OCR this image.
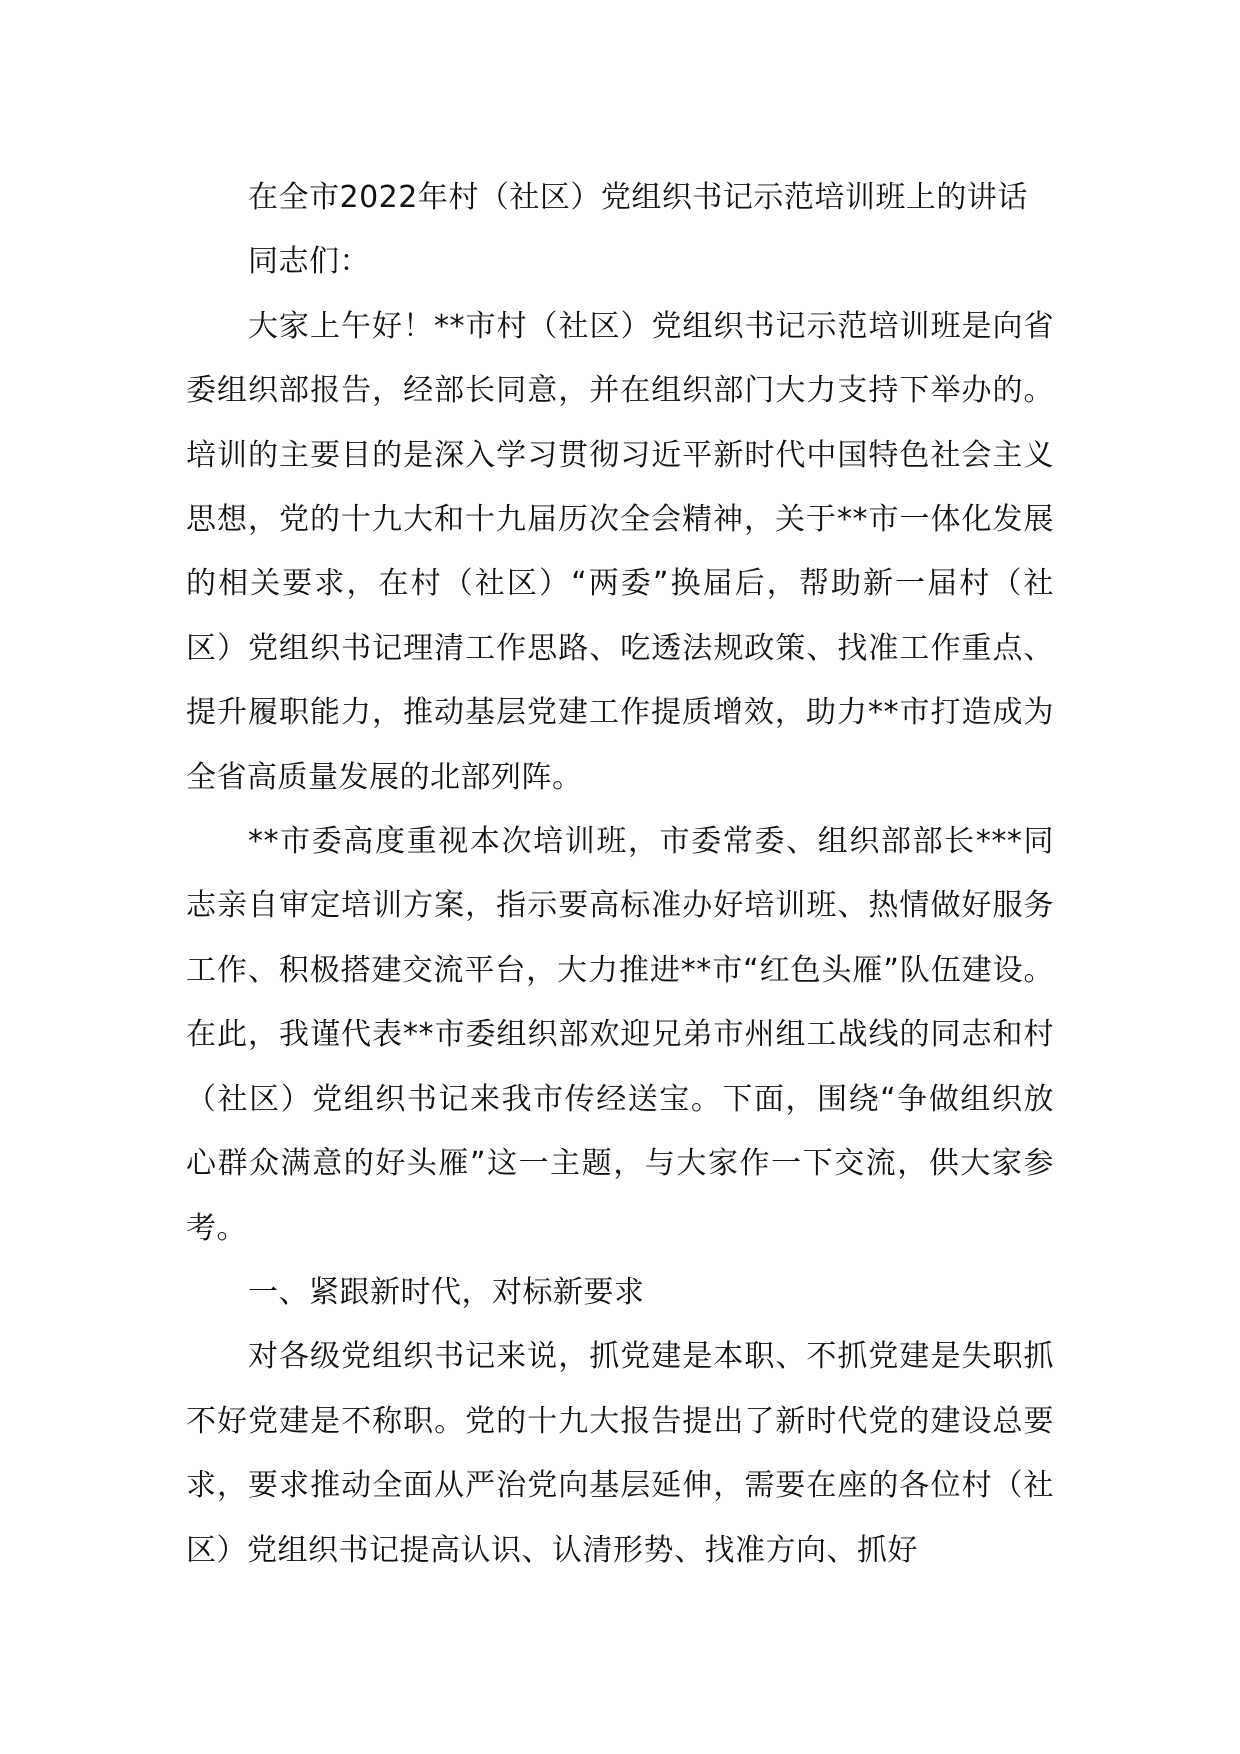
在全市2022年村（社区）党组织书记示范培训班上的讲话

同志们：

大家上午好！**市村（社区）党组织书记示范培训班是向省委组织部报告，经部长同意，并在组织部门大力支持下举办的。培训的主要目的是深入学习贯彻习近平新时代中国特色社会主义思想，党的十九大和十九届历次全会精神，关于**市一体化发展的相关要求，在村（社区）“两委”换届后，帮助新一届村（社区）党组织书记理清工作思路、吃透法规政策、找准工作重点、提升履职能力，推动基层党建工作提质增效，助力**市打造成为全省高质量发展的北部列阵。

**市委高度重视本次培训班，市委常委、组织部部长***同志亲自审定培训方案，指示要高标准办好培训班、热情做好服务工作、积极搭建交流平台，大力推进**市“红色头雁”队伍建设。在此，我谨代表**市委组织部欢迎兄弟市州组工战线的同志和村（社区）党组织书记来我市传经送宝。下面，围绕“争做组织放心群众满意的好头雁”这一主题，与大家作一下交流，供大家参考。

一、紧跟新时代，对标新要求

对各级党组织书记来说，抓党建是本职、不抓党建是失职抓不好党建是不称职。党的十九大报告提出了新时代党的建设总要求，要求推动全面从严治党向基层延伸，需要在座的各位村（社区）党组织书记提高认识、认清形势、找准方向、抓好
